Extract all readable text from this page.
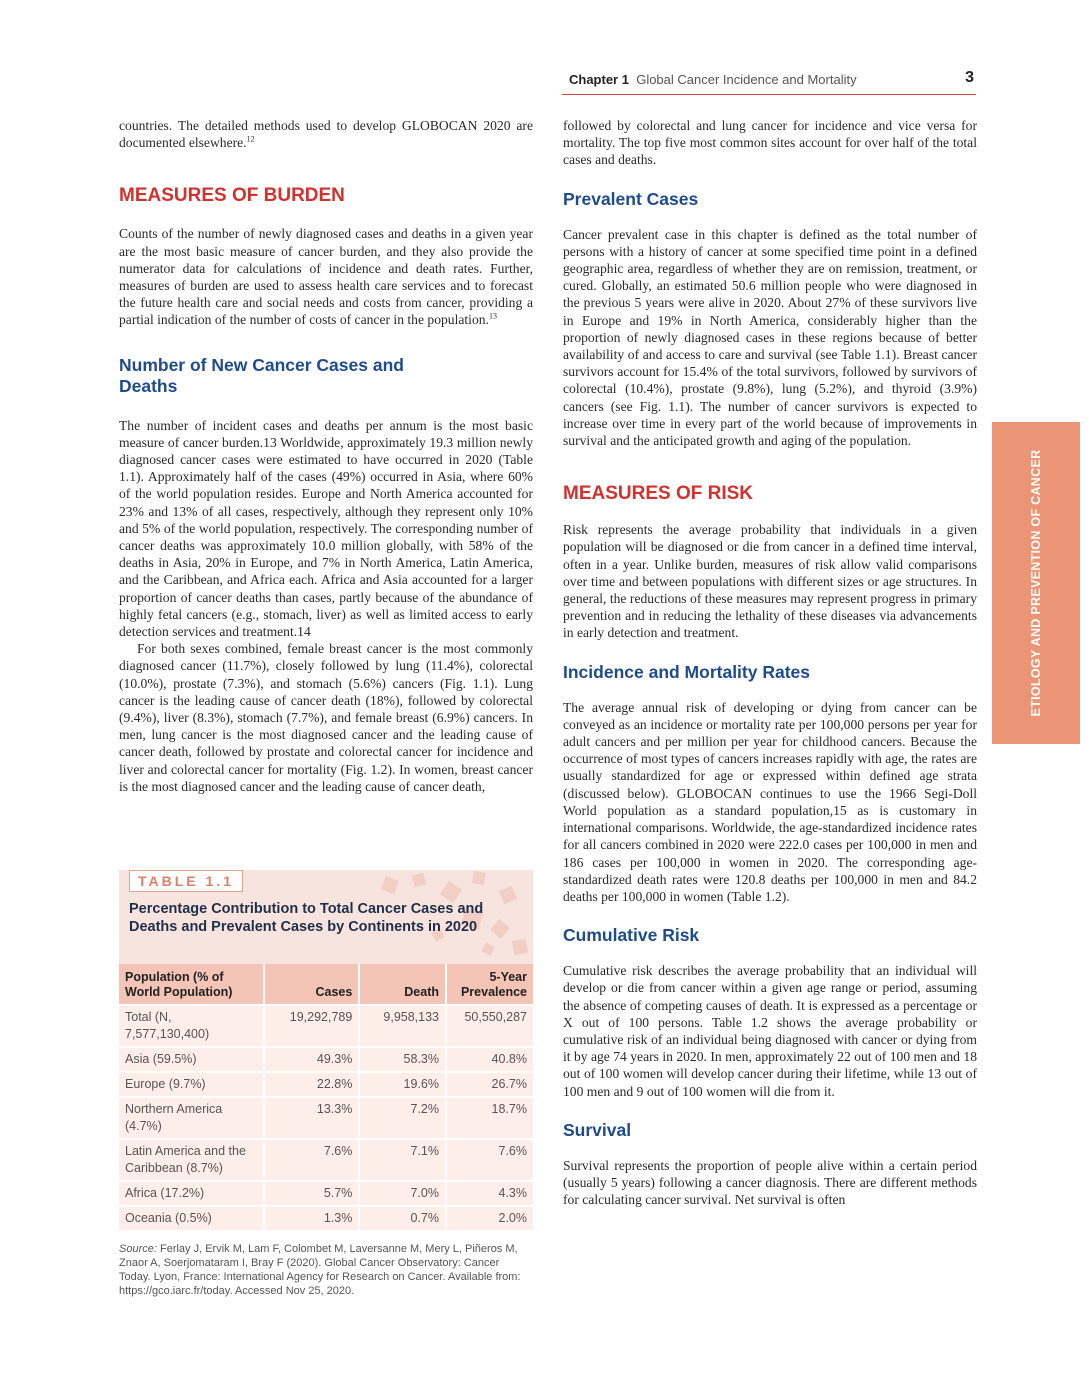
Chapter 1 Global Cancer Incidence and Mortality	3
ETIOLOGY AND PREVENTION OF CANCER

countries. The detailed methods used to develop GLOBOCAN 2020 are documented elsewhere.$^{12}$

MEASURES OF BURDEN

Counts of the number of newly diagnosed cases and deaths in a given year are the most basic measure of cancer burden, and they also provide the numerator data for calculations of incidence and death rates. Further, measures of burden are used to assess health care services and to forecast the future health care and social needs and costs from cancer, providing a partial indication of the number of costs of cancer in the population.$^{13}$

Number of New Cancer Cases and Deaths

The number of incident cases and deaths per annum is the most basic measure of cancer burden.13 Worldwide, approximately 19.3 million newly diagnosed cancer cases were estimated to have occurred in 2020 (Table 1.1). Approximately half of the cases (49%) occurred in Asia, where 60% of the world population resides. Europe and North America accounted for 23% and 13% of all cases, respectively, although they represent only 10% and 5% of the world population, respectively. The corresponding number of cancer deaths was approximately 10.0 million globally, with 58% of the deaths in Asia, 20% in Europe, and 7% in North America, Latin America, and the Caribbean, and Africa each. Africa and Asia accounted for a larger proportion of cancer deaths than cases, partly because of the abundance of highly fetal cancers (e.g., stomach, liver) as well as limited access to early detection services and treatment.14

For both sexes combined, female breast cancer is the most commonly diagnosed cancer (11.7%), closely followed by lung (11.4%), colorectal (10.0%), prostate (7.3%), and stomach (5.6%) cancers (Fig. 1.1). Lung cancer is the leading cause of cancer death (18%), followed by colorectal (9.4%), liver (8.3%), stomach (7.7%), and female breast (6.9%) cancers. In men, lung cancer is the most diagnosed cancer and the leading cause of cancer death, followed by prostate and colorectal cancer for incidence and liver and colorectal cancer for mortality (Fig. 1.2). In women, breast cancer is the most diagnosed cancer and the leading cause of cancer death,

TABLE 1.1
Percentage Contribution to Total Cancer Cases and Deaths and Prevalent Cases by Continents in 2020
Population (% of World Population)	Cases	Death	5-Year Prevalence
Total (N, 7,577,130,400)	19,292,789	9,958,133	50,550,287
Asia (59.5%)	49.3%	58.3%	40.8%
Europe (9.7%)	22.8%	19.6%	26.7%
Northern America (4.7%)	13.3%	7.2%	18.7%
Latin America and the Caribbean (8.7%)	7.6%	7.1%	7.6%
Africa (17.2%)	5.7%	7.0%	4.3%
Oceania (0.5%)	1.3%	0.7%	2.0%
Source: Ferlay J, Ervik M, Lam F, Colombet M, Laversanne M, Mery L, Piñeros M, Znaor A, Soerjomataram I, Bray F (2020). Global Cancer Observatory: Cancer Today. Lyon, France: International Agency for Research on Cancer. Available from: https://gco.iarc.fr/today. Accessed Nov 25, 2020.

followed by colorectal and lung cancer for incidence and vice versa for mortality. The top five most common sites account for over half of the total cases and deaths.

Prevalent Cases

Cancer prevalent case in this chapter is defined as the total number of persons with a history of cancer at some specified time point in a defined geographic area, regardless of whether they are on remission, treatment, or cured. Globally, an estimated 50.6 million people who were diagnosed in the previous 5 years were alive in 2020. About 27% of these survivors live in Europe and 19% in North America, considerably higher than the proportion of newly diagnosed cases in these regions because of better availability of and access to care and survival (see Table 1.1). Breast cancer survivors account for 15.4% of the total survivors, followed by survivors of colorectal (10.4%), prostate (9.8%), lung (5.2%), and thyroid (3.9%) cancers (see Fig. 1.1). The number of cancer survivors is expected to increase over time in every part of the world because of improvements in survival and the anticipated growth and aging of the population.

MEASURES OF RISK

Risk represents the average probability that individuals in a given population will be diagnosed or die from cancer in a defined time interval, often in a year. Unlike burden, measures of risk allow valid comparisons over time and between populations with different sizes or age structures. In general, the reductions of these measures may represent progress in primary prevention and in reducing the lethality of these diseases via advancements in early detection and treatment.

Incidence and Mortality Rates

The average annual risk of developing or dying from cancer can be conveyed as an incidence or mortality rate per 100,000 persons per year for adult cancers and per million per year for childhood cancers. Because the occurrence of most types of cancers increases rapidly with age, the rates are usually standardized for age or expressed within defined age strata (discussed below). GLOBOCAN continues to use the 1966 Segi-Doll World population as a standard population,15 as is customary in international comparisons. Worldwide, the age-standardized incidence rates for all cancers combined in 2020 were 222.0 cases per 100,000 in men and 186 cases per 100,000 in women in 2020. The corresponding age-standardized death rates were 120.8 deaths per 100,000 in men and 84.2 deaths per 100,000 in women (Table 1.2).

Cumulative Risk

Cumulative risk describes the average probability that an individual will develop or die from cancer within a given age range or period, assuming the absence of competing causes of death. It is expressed as a percentage or X out of 100 persons. Table 1.2 shows the average probability or cumulative risk of an individual being diagnosed with cancer or dying from it by age 74 years in 2020. In men, approximately 22 out of 100 men and 18 out of 100 women will develop cancer during their lifetime, while 13 out of 100 men and 9 out of 100 women will die from it.

Survival

Survival represents the proportion of people alive within a certain period (usually 5 years) following a cancer diagnosis. There are different methods for calculating cancer survival. Net survival is often
